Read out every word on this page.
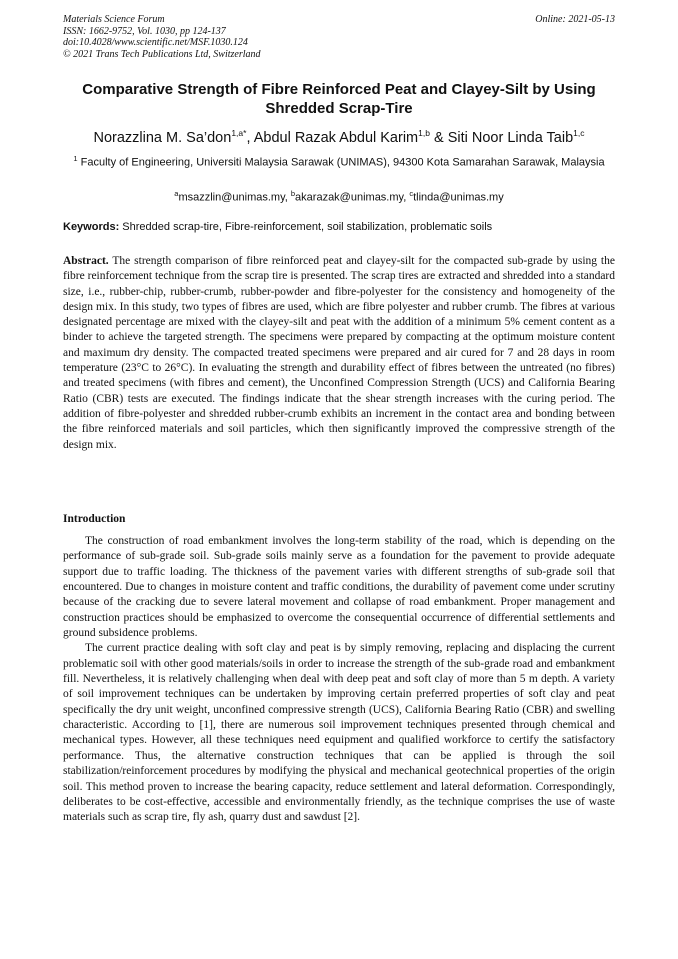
Materials Science Forum
ISSN: 1662-9752, Vol. 1030, pp 124-137
doi:10.4028/www.scientific.net/MSF.1030.124
© 2021 Trans Tech Publications Ltd, Switzerland
Online: 2021-05-13
Comparative Strength of Fibre Reinforced Peat and Clayey-Silt by Using Shredded Scrap-Tire
Norazzlina M. Sa’don$^{1,a*}$, Abdul Razak Abdul Karim$^{1,b}$ & Siti Noor Linda Taib$^{1,c}$
$^1$ Faculty of Engineering, Universiti Malaysia Sarawak (UNIMAS), 94300 Kota Samarahan Sarawak, Malaysia
$^a$msazzlin@unimas.my, $^b$akarazak@unimas.my, $^c$tlinda@unimas.my
Keywords: Shredded scrap-tire, Fibre-reinforcement, soil stabilization, problematic soils
Abstract. The strength comparison of fibre reinforced peat and clayey-silt for the compacted sub-grade by using the fibre reinforcement technique from the scrap tire is presented. The scrap tires are extracted and shredded into a standard size, i.e., rubber-chip, rubber-crumb, rubber-powder and fibre-polyester for the consistency and homogeneity of the design mix. In this study, two types of fibres are used, which are fibre polyester and rubber crumb. The fibres at various designated percentage are mixed with the clayey-silt and peat with the addition of a minimum 5% cement content as a binder to achieve the targeted strength. The specimens were prepared by compacting at the optimum moisture content and maximum dry density. The compacted treated specimens were prepared and air cured for 7 and 28 days in room temperature (23°C to 26°C). In evaluating the strength and durability effect of fibres between the untreated (no fibres) and treated specimens (with fibres and cement), the Unconfined Compression Strength (UCS) and California Bearing Ratio (CBR) tests are executed. The findings indicate that the shear strength increases with the curing period. The addition of fibre-polyester and shredded rubber-crumb exhibits an increment in the contact area and bonding between the fibre reinforced materials and soil particles, which then significantly improved the compressive strength of the design mix.
Introduction

The construction of road embankment involves the long-term stability of the road, which is depending on the performance of sub-grade soil. Sub-grade soils mainly serve as a foundation for the pavement to provide adequate support due to traffic loading. The thickness of the pavement varies with different strengths of sub-grade soil that encountered. Due to changes in moisture content and traffic conditions, the durability of pavement come under scrutiny because of the cracking due to severe lateral movement and collapse of road embankment. Proper management and construction practices should be emphasized to overcome the consequential occurrence of differential settlements and ground subsidence problems.

The current practice dealing with soft clay and peat is by simply removing, replacing and displacing the current problematic soil with other good materials/soils in order to increase the strength of the sub-grade road and embankment fill. Nevertheless, it is relatively challenging when deal with deep peat and soft clay of more than 5 m depth. A variety of soil improvement techniques can be undertaken by improving certain preferred properties of soft clay and peat specifically the dry unit weight, unconfined compressive strength (UCS), California Bearing Ratio (CBR) and swelling characteristic. According to [1], there are numerous soil improvement techniques presented through chemical and mechanical types. However, all these techniques need equipment and qualified workforce to certify the satisfactory performance. Thus, the alternative construction techniques that can be applied is through the soil stabilization/reinforcement procedures by modifying the physical and mechanical geotechnical properties of the origin soil. This method proven to increase the bearing capacity, reduce settlement and lateral deformation. Correspondingly, deliberates to be cost-effective, accessible and environmentally friendly, as the technique comprises the use of waste materials such as scrap tire, fly ash, quarry dust and sawdust [2].
